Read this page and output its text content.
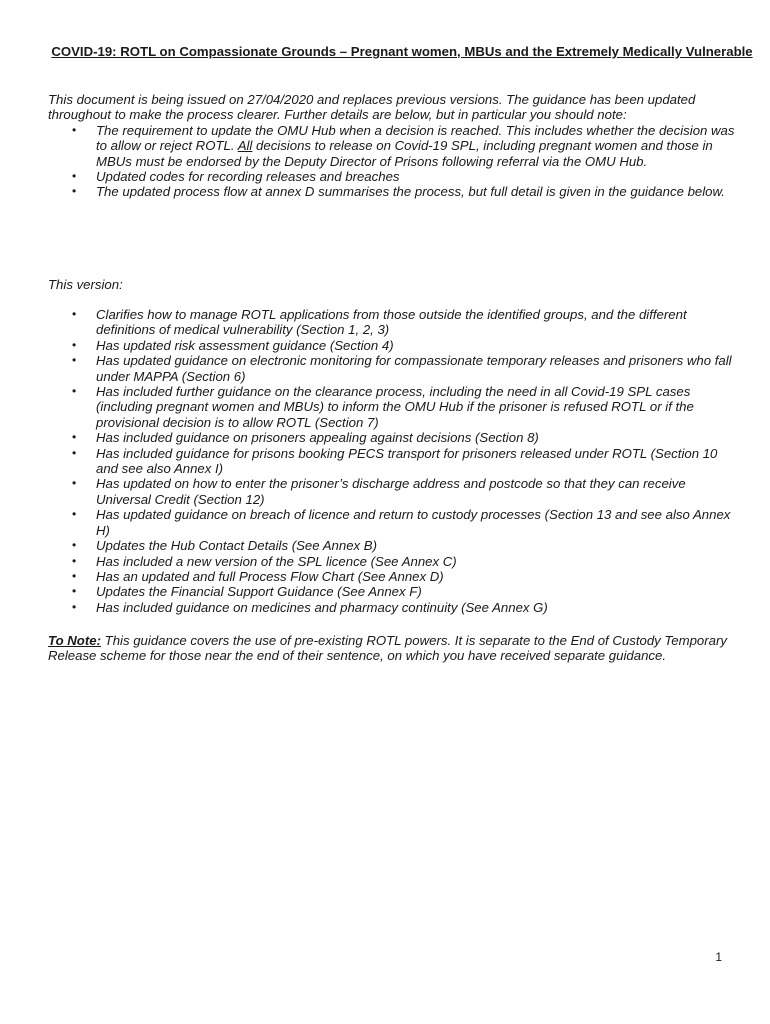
COVID-19: ROTL on Compassionate Grounds – Pregnant women, MBUs and the Extremely Medically Vulnerable
This document is being issued on 27/04/2020 and replaces previous versions. The guidance has been updated throughout to make the process clearer. Further details are below, but in particular you should note:
• The requirement to update the OMU Hub when a decision is reached. This includes whether the decision was to allow or reject ROTL. All decisions to release on Covid-19 SPL, including pregnant women and those in MBUs must be endorsed by the Deputy Director of Prisons following referral via the OMU Hub.
• Updated codes for recording releases and breaches
• The updated process flow at annex D summarises the process, but full detail is given in the guidance below.
This version:
• Clarifies how to manage ROTL applications from those outside the identified groups, and the different definitions of medical vulnerability (Section 1, 2, 3)
• Has updated risk assessment guidance (Section 4)
• Has updated guidance on electronic monitoring for compassionate temporary releases and prisoners who fall under MAPPA (Section 6)
• Has included further guidance on the clearance process, including the need in all Covid-19 SPL cases (including pregnant women and MBUs) to inform the OMU Hub if the prisoner is refused ROTL or if the provisional decision is to allow ROTL (Section 7)
• Has included guidance on prisoners appealing against decisions (Section 8)
• Has included guidance for prisons booking PECS transport for prisoners released under ROTL (Section 10 and see also Annex I)
• Has updated on how to enter the prisoner’s discharge address and postcode so that they can receive Universal Credit (Section 12)
• Has updated guidance on breach of licence and return to custody processes (Section 13 and see also Annex H)
• Updates the Hub Contact Details (See Annex B)
• Has included a new version of the SPL licence (See Annex C)
• Has an updated and full Process Flow Chart (See Annex D)
• Updates the Financial Support Guidance (See Annex F)
• Has included guidance on medicines and pharmacy continuity (See Annex G)
To Note: This guidance covers the use of pre-existing ROTL powers. It is separate to the End of Custody Temporary Release scheme for those near the end of their sentence, on which you have received separate guidance.
1
